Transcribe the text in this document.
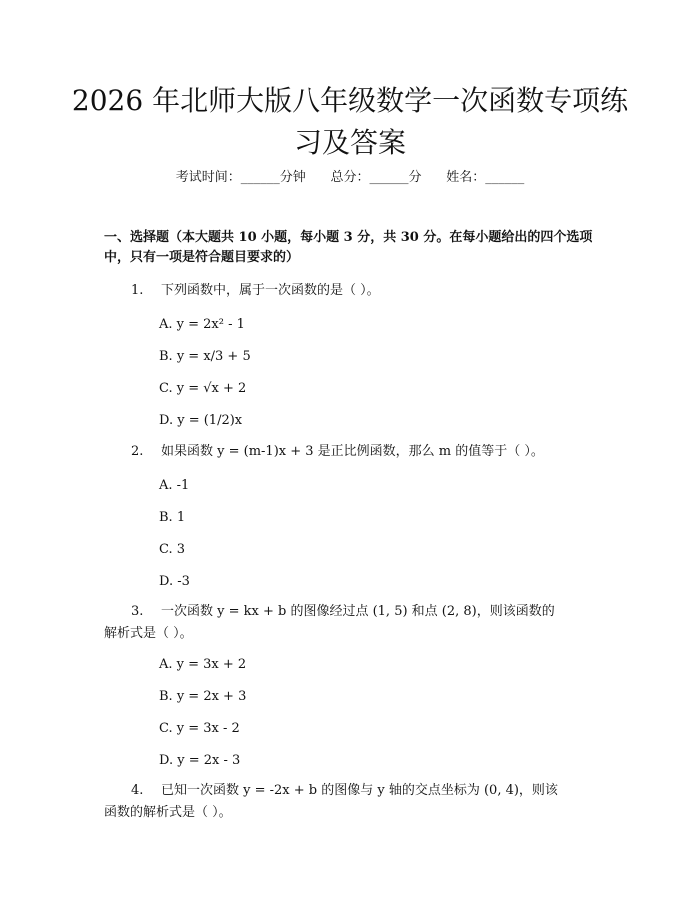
2026 年北师大版八年级数学一次函数专项练习及答案
考试时间：______分钟      总分：______分      姓名：______

一、选择题（本大题共 10 小题，每小题 3 分，共 30 分。在每小题给出的四个选项中，只有一项是符合题目要求的）

1. 下列函数中，属于一次函数的是（ ）。
A. y = 2x² - 1
B. y = x/3 + 5
C. y = √x + 2
D. y = (1/2)x
2. 如果函数 y = (m-1)x + 3 是正比例函数，那么 m 的值等于（ ）。
A. -1
B. 1
C. 3
D. -3
3. 一次函数 y = kx + b 的图像经过点 (1, 5) 和点 (2, 8)，则该函数的
解析式是（ ）。
A. y = 3x + 2
B. y = 2x + 3
C. y = 3x - 2
D. y = 2x - 3
4. 已知一次函数 y = -2x + b 的图像与 y 轴的交点坐标为 (0, 4)，则该
函数的解析式是（ ）。
